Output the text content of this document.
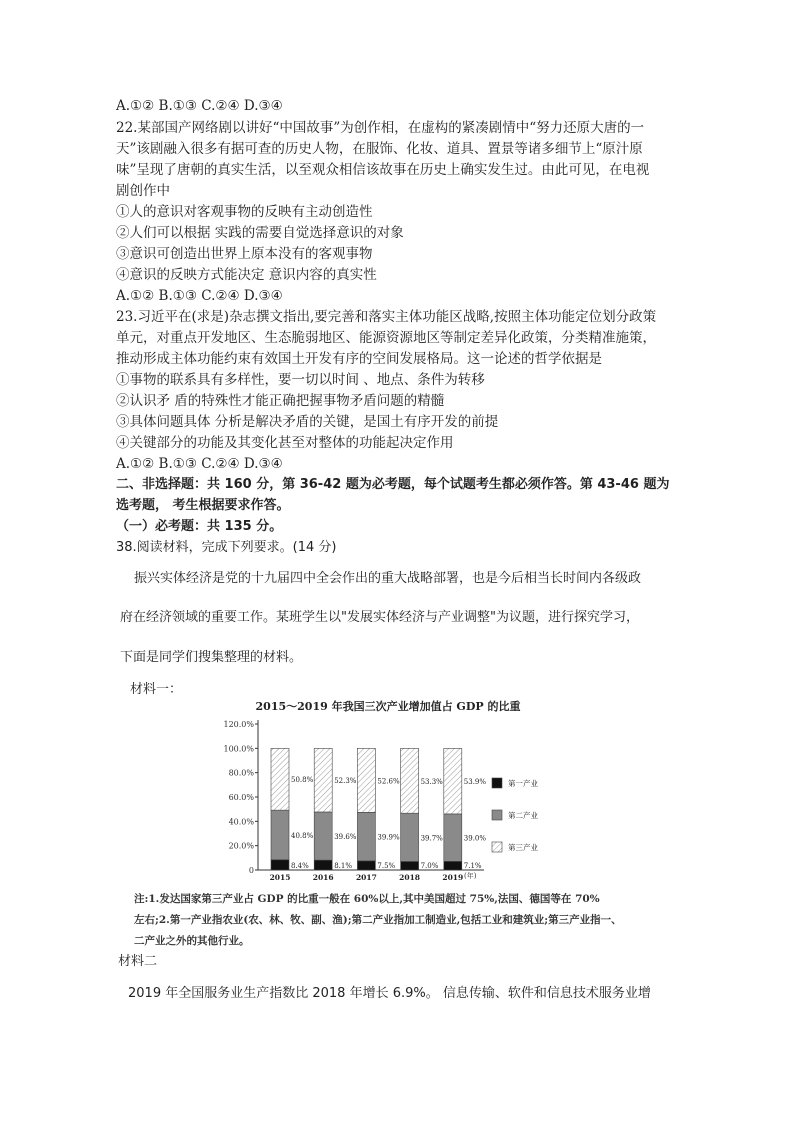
A.①② B.①③ C.②④ D.③④
22.某部国产网络剧以讲好“中国故事”为创作相，在虚构的紧凑剧情中“努力还原大唐的一
天”该剧融入很多有据可查的历史人物，在服饰、化妆、道具、置景等诸多细节上“原汁原
味”呈现了唐朝的真实生活，以至观众相信该故事在历史上确实发生过。由此可见，在电视
剧创作中
①人的意识对客观事物的反映有主动创造性
②人们可以根据 实践的需要自觉选择意识的对象
③意识可创造出世界上原本没有的客观事物
④意识的反映方式能决定 意识内容的真实性
A.①② B.①③ C.②④ D.③④
23.习近平在(求是)杂志撰文指出,要完善和落实主体功能区战略,按照主体功能定位划分政策
单元，对重点开发地区、生态脆弱地区、能源资源地区等制定差异化政策，分类精准施策，
推动形成主体功能约束有效国土开发有序的空间发展格局。这一论述的哲学依据是
①事物的联系具有多样性，要一切以时间 、地点、条件为转移
②认识矛 盾的特殊性才能正确把握事物矛盾问题的精髓
③具体问题具体 分析是解决矛盾的关键，是国土有序开发的前提
④关键部分的功能及其变化甚至对整体的功能起决定作用
A.①② B.①③ C.②④ D.③④
二、非选择题：共 160 分，第 36-42 题为必考题，每个试题考生都必须作答。第 43-46 题为
选考题， 考生根据要求作答。
（一）必考题：共 135 分。
38.阅读材料，完成下列要求。(14 分)
振兴实体经济是党的十九届四中全会作出的重大战略部署，也是今后相当长时间内各级政
府在经济领域的重要工作。某班学生以"发展实体经济与产业调整"为议题，进行探究学习，
下面是同学们搜集整理的材料。
材料一：
2015～2019 年我国三次产业增加值占 GDP 的比重
0
20.0%
40.0%
60.0%
80.0%
100.0%
120.0%
8.4%
40.8%
50.8%
2015
8.1%
39.6%
52.3%
2016
7.5%
39.9%
52.6%
2017
7.0%
39.7%
53.3%
2018
7.1%
39.0%
53.9%
2019 (年)
第一产业
第二产业
第三产业
注:1.发达国家第三产业占 GDP 的比重一般在 60%以上,其中美国超过 75%,法国、德国等在 70%
左右;2.第一产业指农业(农、林、牧、副、渔);第二产业指加工制造业,包括工业和建筑业;第三产业指一、
二产业之外的其他行业。
材料二
2019 年全国服务业生产指数比 2018 年增长 6.9%。 信息传输、软件和信息技术服务业增
